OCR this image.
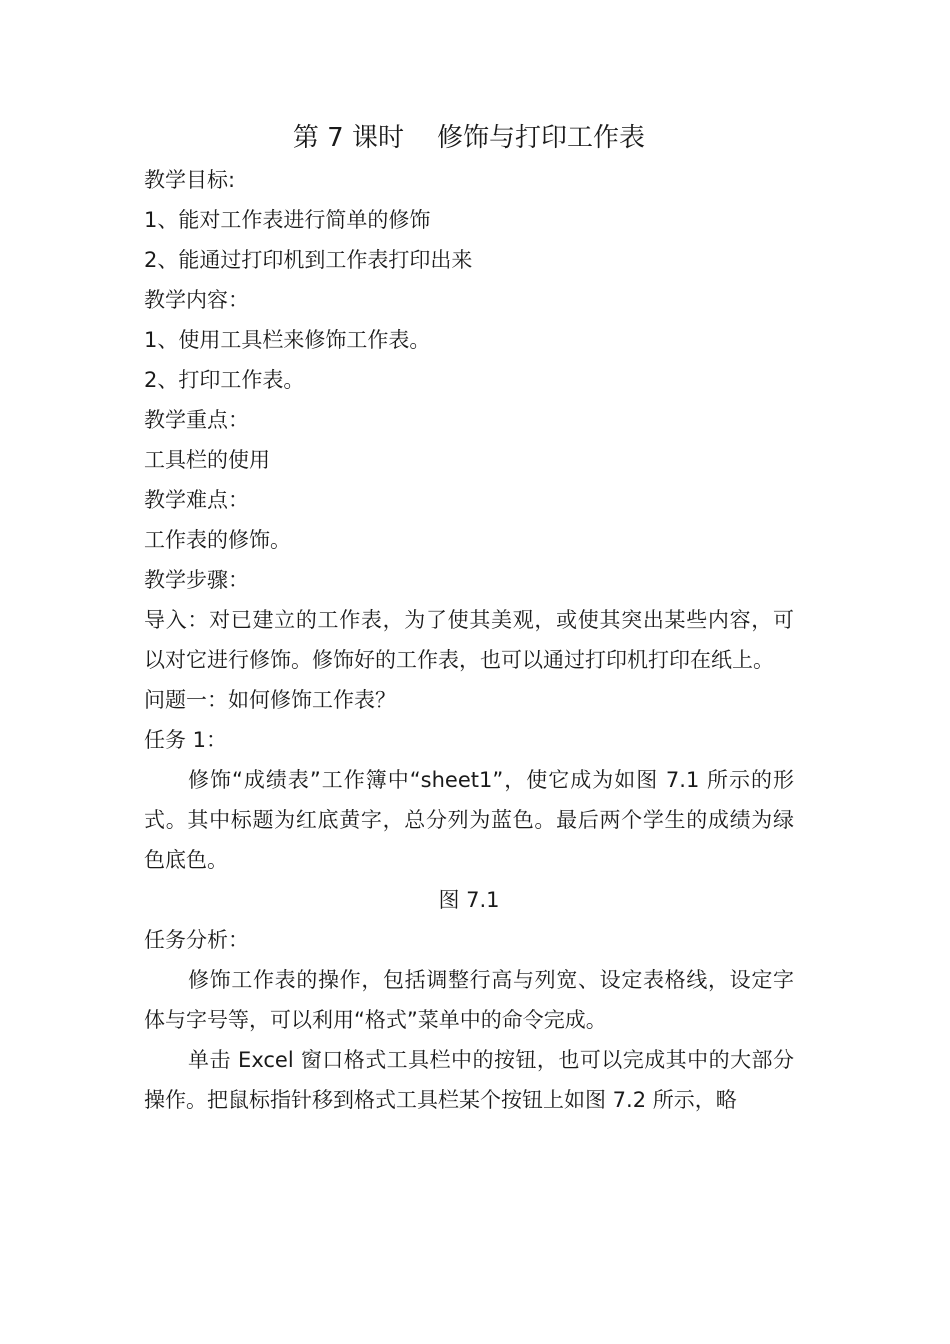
第 7 课时    修饰与打印工作表
教学目标:
1、能对工作表进行简单的修饰
2、能通过打印机到工作表打印出来
教学内容：
1、使用工具栏来修饰工作表。
2、打印工作表。
教学重点：
工具栏的使用
教学难点：
工作表的修饰。
教学步骤：
导入：对已建立的工作表，为了使其美观，或使其突出某些内容，可以对它进行修饰。修饰好的工作表，也可以通过打印机打印在纸上。
问题一：如何修饰工作表？
任务 1：
修饰“成绩表”工作簿中“sheet1”，使它成为如图 7.1 所示的形式。其中标题为红底黄字，总分列为蓝色。最后两个学生的成绩为绿色底色。
图 7.1
任务分析：
修饰工作表的操作，包括调整行高与列宽、设定表格线，设定字体与字号等，可以利用“格式”菜单中的命令完成。
单击 Excel 窗口格式工具栏中的按钮，也可以完成其中的大部分操作。把鼠标指针移到格式工具栏某个按钮上如图 7.2 所示，略
